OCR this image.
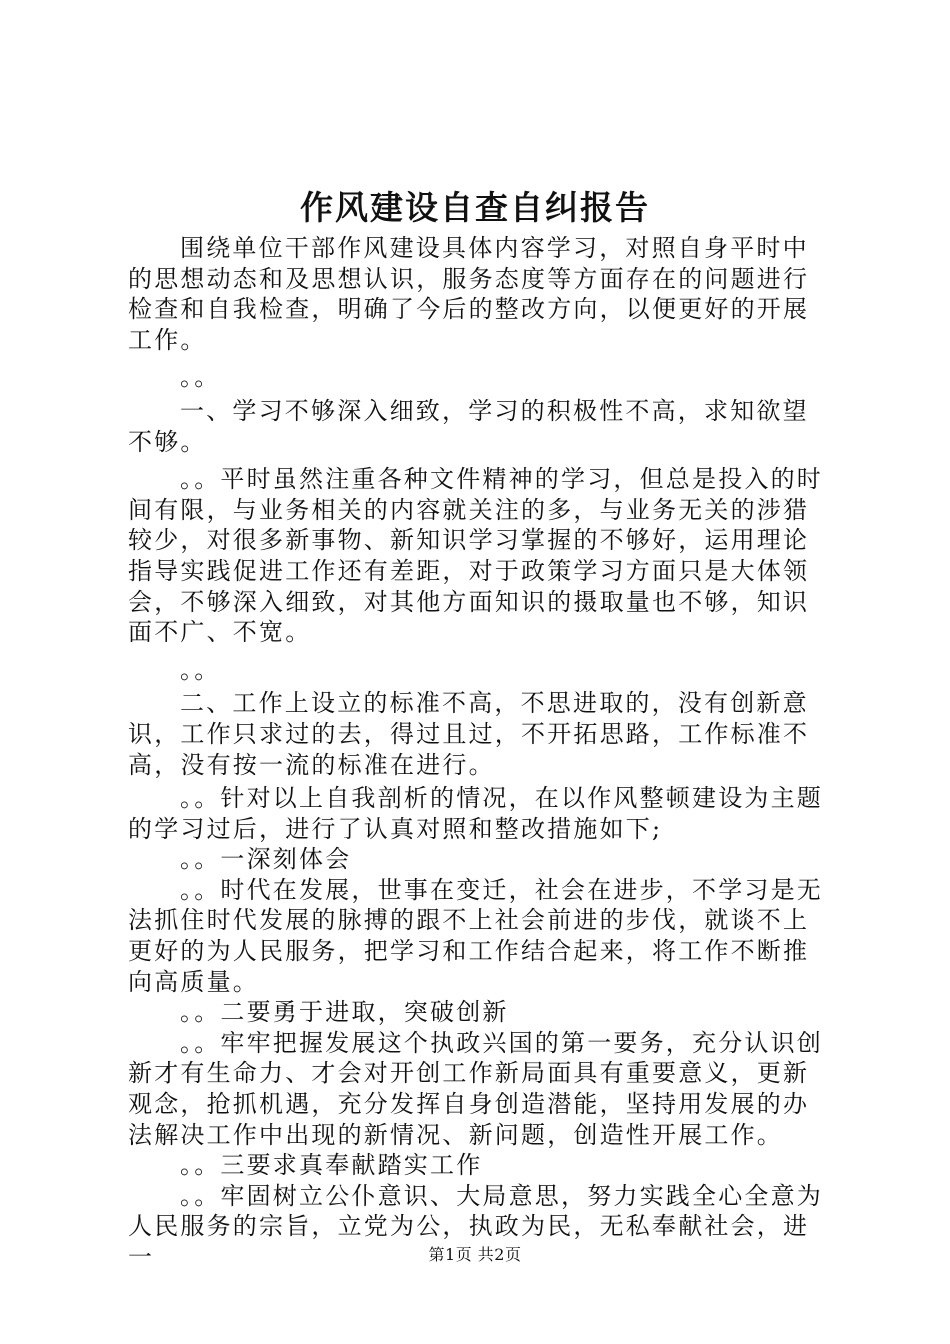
作风建设自查自纠报告

围绕单位干部作风建设具体内容学习，对照自身平时中的思想动态和及思想认识，服务态度等方面存在的问题进行检查和自我检查，明确了今后的整改方向，以便更好的开展工作。

。。

一、学习不够深入细致，学习的积极性不高，求知欲望不够。

。。平时虽然注重各种文件精神的学习，但总是投入的时间有限，与业务相关的内容就关注的多，与业务无关的涉猎较少，对很多新事物、新知识学习掌握的不够好，运用理论指导实践促进工作还有差距，对于政策学习方面只是大体领会，不够深入细致，对其他方面知识的摄取量也不够，知识面不广、不宽。

。。

二、工作上设立的标准不高，不思进取的，没有创新意识，工作只求过的去，得过且过，不开拓思路，工作标准不高，没有按一流的标准在进行。

。。针对以上自我剖析的情况，在以作风整顿建设为主题的学习过后，进行了认真对照和整改措施如下;

。。一深刻体会

。。时代在发展，世事在变迁，社会在进步，不学习是无法抓住时代发展的脉搏的跟不上社会前进的步伐，就谈不上更好的为人民服务，把学习和工作结合起来，将工作不断推向高质量。

。。二要勇于进取，突破创新

。。牢牢把握发展这个执政兴国的第一要务，充分认识创新才有生命力、才会对开创工作新局面具有重要意义，更新观念，抢抓机遇，充分发挥自身创造潜能，坚持用发展的办法解决工作中出现的新情况、新问题，创造性开展工作。

。。三要求真奉献踏实工作

。。牢固树立公仆意识、大局意思，努力实践全心全意为人民服务的宗旨，立党为公，执政为民，无私奉献社会，进一	第1页 共2页
